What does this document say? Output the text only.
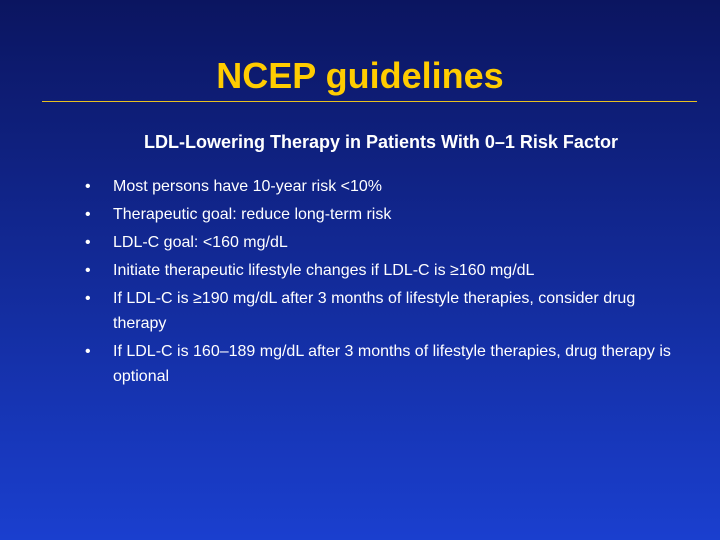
NCEP guidelines
LDL-Lowering Therapy in Patients With 0–1 Risk Factor
• Most persons have 10-year risk <10%
• Therapeutic goal: reduce long-term risk
• LDL-C goal: <160 mg/dL
• Initiate therapeutic lifestyle changes if LDL-C is ≥160 mg/dL
• If LDL-C is ≥190 mg/dL after 3 months of lifestyle therapies, consider drug therapy
• If LDL-C is 160–189 mg/dL after 3 months of lifestyle therapies, drug therapy is optional
